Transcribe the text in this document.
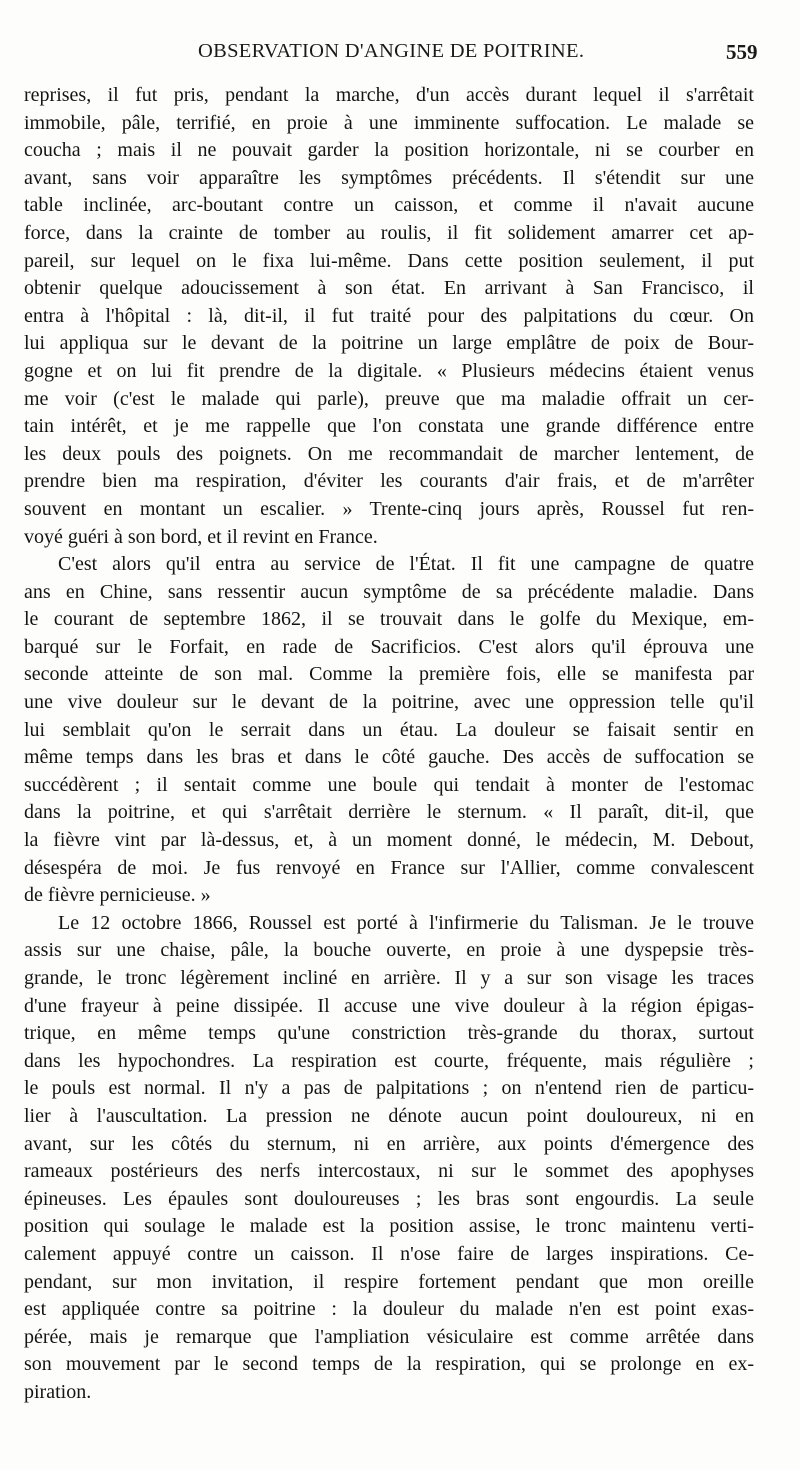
OBSERVATION D'ANGINE DE POITRINE.	559
reprises, il fut pris, pendant la marche, d'un accès durant lequel il s'arrêtait
immobile, pâle, terrifié, en proie à une imminente suffocation. Le malade se
coucha ; mais il ne pouvait garder la position horizontale, ni se courber en
avant, sans voir apparaître les symptômes précédents. Il s'étendit sur une
table inclinée, arc-boutant contre un caisson, et comme il n'avait aucune
force, dans la crainte de tomber au roulis, il fit solidement amarrer cet ap-
pareil, sur lequel on le fixa lui-même. Dans cette position seulement, il put
obtenir quelque adoucissement à son état. En arrivant à San Francisco, il
entra à l'hôpital : là, dit-il, il fut traité pour des palpitations du cœur. On
lui appliqua sur le devant de la poitrine un large emplâtre de poix de Bour-
gogne et on lui fit prendre de la digitale. « Plusieurs médecins étaient venus
me voir (c'est le malade qui parle), preuve que ma maladie offrait un cer-
tain intérêt, et je me rappelle que l'on constata une grande différence entre
les deux pouls des poignets. On me recommandait de marcher lentement, de
prendre bien ma respiration, d'éviter les courants d'air frais, et de m'arrêter
souvent en montant un escalier. » Trente-cinq jours après, Roussel fut ren-
voyé guéri à son bord, et il revint en France.
C'est alors qu'il entra au service de l'État. Il fit une campagne de quatre
ans en Chine, sans ressentir aucun symptôme de sa précédente maladie. Dans
le courant de septembre 1862, il se trouvait dans le golfe du Mexique, em-
barqué sur le Forfait, en rade de Sacrificios. C'est alors qu'il éprouva une
seconde atteinte de son mal. Comme la première fois, elle se manifesta par
une vive douleur sur le devant de la poitrine, avec une oppression telle qu'il
lui semblait qu'on le serrait dans un étau. La douleur se faisait sentir en
même temps dans les bras et dans le côté gauche. Des accès de suffocation se
succédèrent ; il sentait comme une boule qui tendait à monter de l'estomac
dans la poitrine, et qui s'arrêtait derrière le sternum. « Il paraît, dit-il, que
la fièvre vint par là-dessus, et, à un moment donné, le médecin, M. Debout,
désespéra de moi. Je fus renvoyé en France sur l'Allier, comme convalescent
de fièvre pernicieuse. »
Le 12 octobre 1866, Roussel est porté à l'infirmerie du Talisman. Je le trouve
assis sur une chaise, pâle, la bouche ouverte, en proie à une dyspepsie très-
grande, le tronc légèrement incliné en arrière. Il y a sur son visage les traces
d'une frayeur à peine dissipée. Il accuse une vive douleur à la région épigas-
trique, en même temps qu'une constriction très-grande du thorax, surtout
dans les hypochondres. La respiration est courte, fréquente, mais régulière ;
le pouls est normal. Il n'y a pas de palpitations ; on n'entend rien de particu-
lier à l'auscultation. La pression ne dénote aucun point douloureux, ni en
avant, sur les côtés du sternum, ni en arrière, aux points d'émergence des
rameaux postérieurs des nerfs intercostaux, ni sur le sommet des apophyses
épineuses. Les épaules sont douloureuses ; les bras sont engourdis. La seule
position qui soulage le malade est la position assise, le tronc maintenu verti-
calement appuyé contre un caisson. Il n'ose faire de larges inspirations. Ce-
pendant, sur mon invitation, il respire fortement pendant que mon oreille
est appliquée contre sa poitrine : la douleur du malade n'en est point exas-
pérée, mais je remarque que l'ampliation vésiculaire est comme arrêtée dans
son mouvement par le second temps de la respiration, qui se prolonge en ex-
piration.
